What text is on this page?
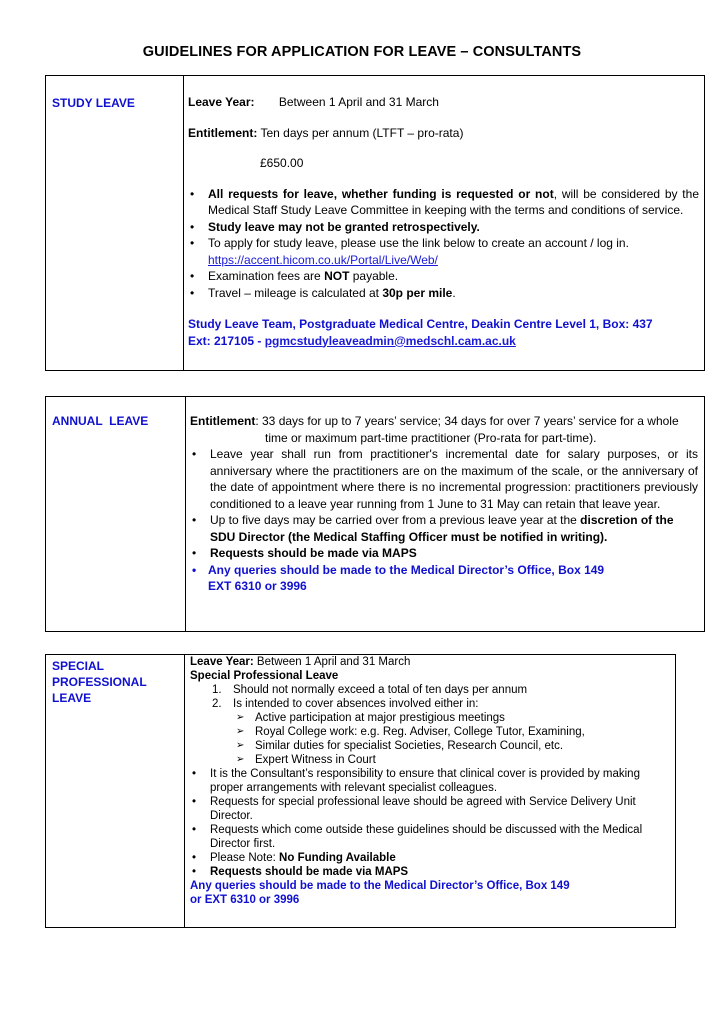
GUIDELINES FOR APPLICATION FOR LEAVE – CONSULTANTS
STUDY LEAVE	Leave Year: Between 1 April and 31 March
Entitlement: Ten days per annum (LTFT – pro-rata)
£650.00
• All requests for leave, whether funding is requested or not, will be considered by the Medical Staff Study Leave Committee in keeping with the terms and conditions of service.
• Study leave may not be granted retrospectively.
• To apply for study leave, please use the link below to create an account / log in.
https://accent.hicom.co.uk/Portal/Live/Web/
• Examination fees are NOT payable.
• Travel – mileage is calculated at 30p per mile.
Study Leave Team, Postgraduate Medical Centre, Deakin Centre Level 1, Box: 437
Ext: 217105 - pgmcstudyleaveadmin@medschl.cam.ac.uk
ANNUAL  LEAVE	Entitlement: 33 days for up to 7 years’ service; 34 days for over 7 years’ service for a whole
time or maximum part-time practitioner (Pro-rata for part-time).
• Leave year shall run from practitioner's incremental date for salary purposes, or its anniversary where the practitioners are on the maximum of the scale, or the anniversary of the date of appointment where there is no incremental progression: practitioners previously conditioned to a leave year running from 1 June to 31 May can retain that leave year.
• Up to five days may be carried over from a previous leave year at the discretion of the SDU Director (the Medical Staffing Officer must be notified in writing).
• Requests should be made via MAPS
• Any queries should be made to the Medical Director’s Office, Box 149
EXT 6310 or 3996
SPECIAL
PROFESSIONAL LEAVE
Leave Year: Between 1 April and 31 March
Special Professional Leave
1. Should not normally exceed a total of ten days per annum
2. Is intended to cover absences involved either in:
➢ Active participation at major prestigious meetings
➢ Royal College work: e.g. Reg. Adviser, College Tutor, Examining,
➢ Similar duties for specialist Societies, Research Council, etc.
➢ Expert Witness in Court
• It is the Consultant’s responsibility to ensure that clinical cover is provided by making proper arrangements with relevant specialist colleagues.
• Requests for special professional leave should be agreed with Service Delivery Unit Director.
• Requests which come outside these guidelines should be discussed with the Medical Director first.
• Please Note: No Funding Available
• Requests should be made via MAPS
Any queries should be made to the Medical Director’s Office, Box 149
or EXT 6310 or 3996
